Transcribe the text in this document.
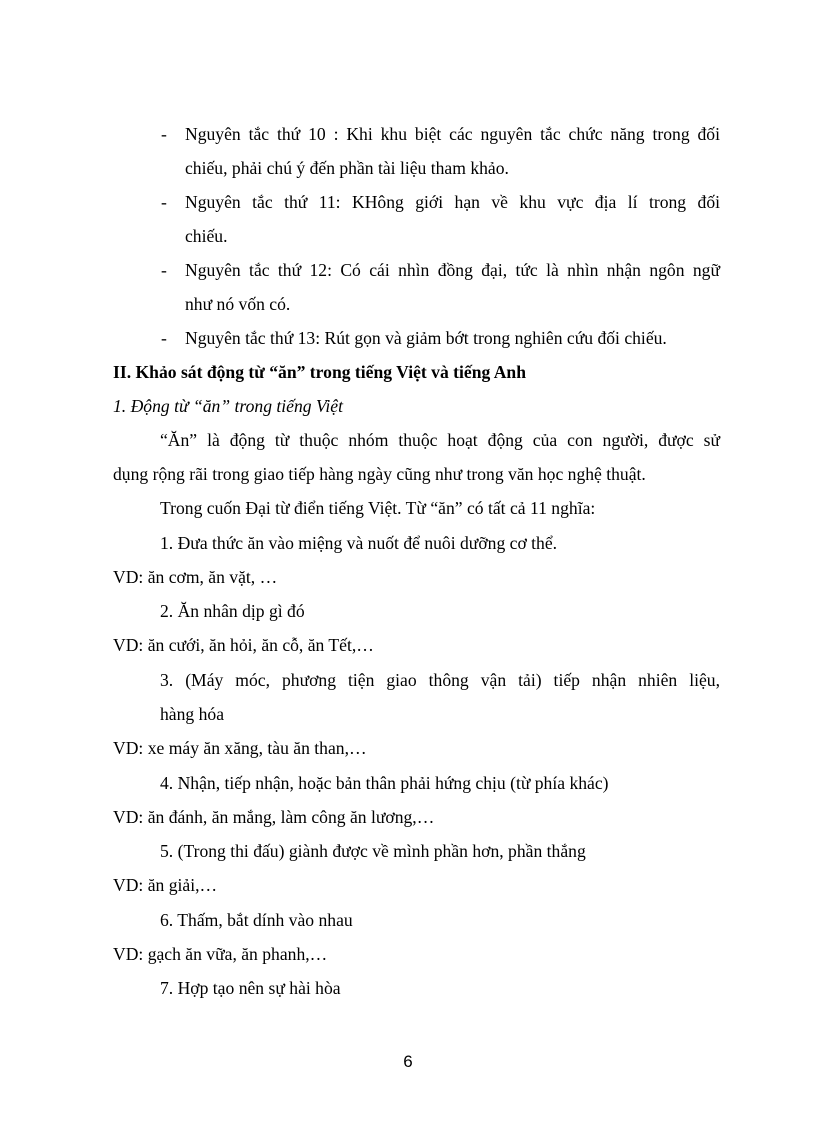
- Nguyên tắc thứ 10 : Khi khu biệt các nguyên tắc chức năng trong đối
chiếu, phải chú ý đến phần tài liệu tham khảo.
- Nguyên tắc thứ 11: KHông giới hạn về khu vực địa lí trong đối
chiếu.
- Nguyên tắc thứ 12: Có cái nhìn đồng đại, tức là nhìn nhận ngôn ngữ
như nó vốn có.
- Nguyên tắc thứ 13: Rút gọn và giảm bớt trong nghiên cứu đối chiếu.
II. Khảo sát động từ “ăn” trong tiếng Việt và tiếng Anh
1. Động từ “ăn” trong tiếng Việt
“Ăn” là động từ thuộc nhóm thuộc hoạt động của con người, được sử
dụng rộng rãi trong giao tiếp hàng ngày cũng như trong văn học nghệ thuật.
Trong cuốn Đại từ điển tiếng Việt. Từ “ăn” có tất cả 11 nghĩa:
1. Đưa thức ăn vào miệng và nuốt để nuôi dưỡng cơ thể.
VD: ăn cơm, ăn vặt, …
2. Ăn nhân dịp gì đó
VD: ăn cưới, ăn hỏi, ăn cỗ, ăn Tết,…
3. (Máy móc, phương tiện giao thông vận tải) tiếp nhận nhiên liệu,
hàng hóa
VD: xe máy ăn xăng, tàu ăn than,…
4. Nhận, tiếp nhận, hoặc bản thân phải hứng chịu (từ phía khác)
VD: ăn đánh, ăn mắng, làm công ăn lương,…
5. (Trong thi đấu) giành được về mình phần hơn, phần thắng
VD: ăn giải,…
6. Thấm, bắt dính vào nhau
VD: gạch ăn vữa, ăn phanh,…
7. Hợp tạo nên sự hài hòa
6
